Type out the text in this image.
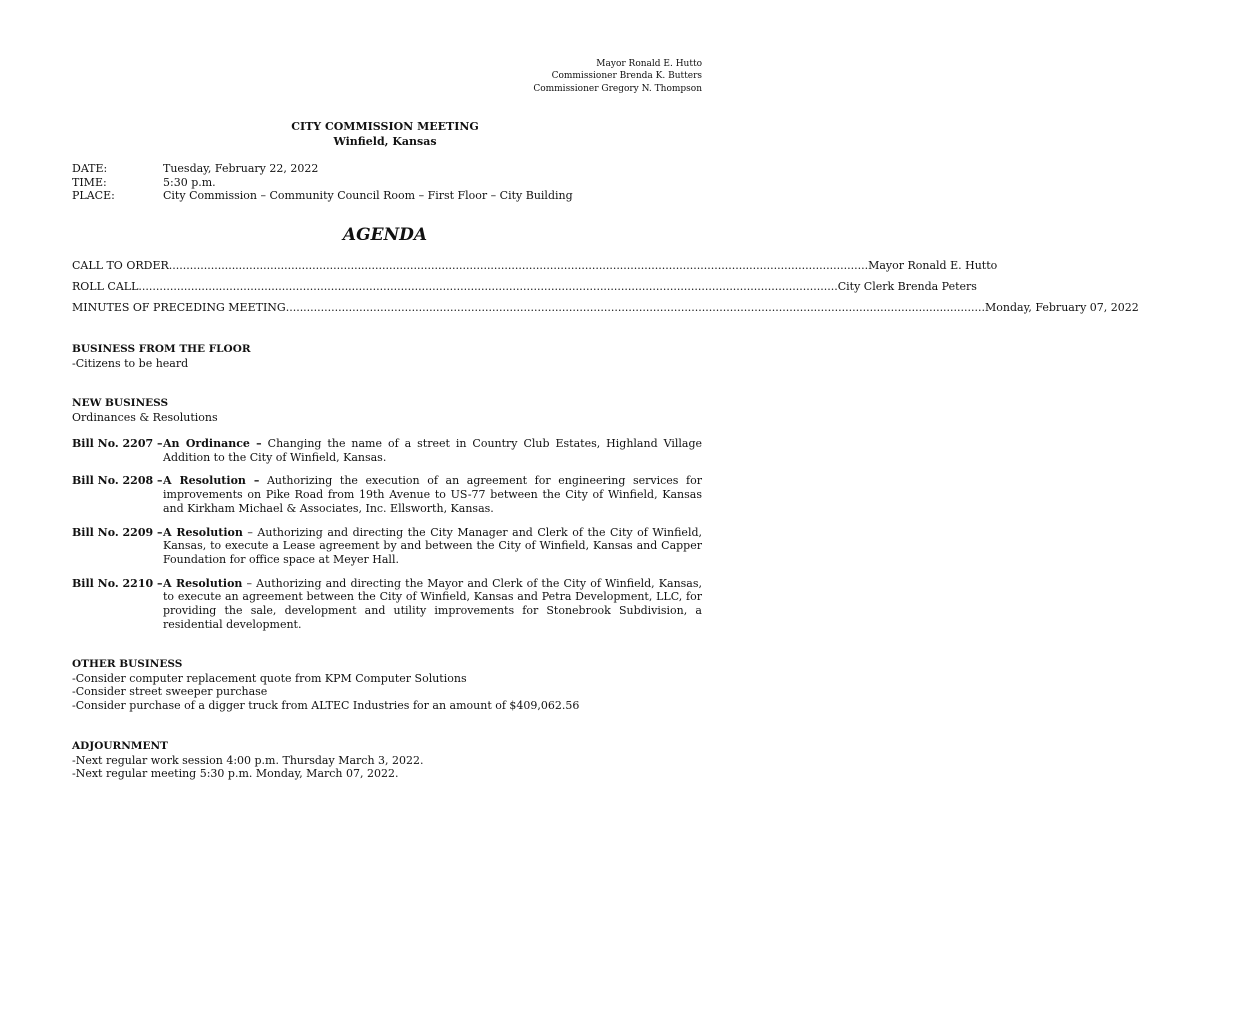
Mayor Ronald E. Hutto
Commissioner Brenda K. Butters
Commissioner Gregory N. Thompson
CITY COMMISSION MEETING
Winfield, Kansas
DATE:	Tuesday, February 22, 2022
TIME:	5:30 p.m.
PLACE:	City Commission – Community Council Room – First Floor – City Building
AGENDA
CALL TO ORDER ........................................................................................................................................................................................................ Mayor Ronald E. Hutto
ROLL CALL ........................................................................................................................................................................................................ City Clerk Brenda Peters
MINUTES OF PRECEDING MEETING ........................................................................................................................................................................................................ Monday, February 07, 2022
BUSINESS FROM THE FLOOR
-Citizens to be heard
NEW BUSINESS
Ordinances & Resolutions
Bill No. 2207 – An Ordinance – Changing the name of a street in Country Club Estates, Highland Village Addition to the City of Winfield, Kansas.
Bill No. 2208 – A Resolution – Authorizing the execution of an agreement for engineering services for improvements on Pike Road from 19th Avenue to US-77 between the City of Winfield, Kansas and Kirkham Michael & Associates, Inc. Ellsworth, Kansas.
Bill No. 2209 – A Resolution – Authorizing and directing the City Manager and Clerk of the City of Winfield, Kansas, to execute a Lease agreement by and between the City of Winfield, Kansas and Capper Foundation for office space at Meyer Hall.
Bill No. 2210 – A Resolution – Authorizing and directing the Mayor and Clerk of the City of Winfield, Kansas, to execute an agreement between the City of Winfield, Kansas and Petra Development, LLC, for providing the sale, development and utility improvements for Stonebrook Subdivision, a residential development.
OTHER BUSINESS
-Consider computer replacement quote from KPM Computer Solutions
-Consider street sweeper purchase
-Consider purchase of a digger truck from ALTEC Industries for an amount of $409,062.56
ADJOURNMENT
-Next regular work session 4:00 p.m. Thursday March 3, 2022.
-Next regular meeting 5:30 p.m. Monday, March 07, 2022.
